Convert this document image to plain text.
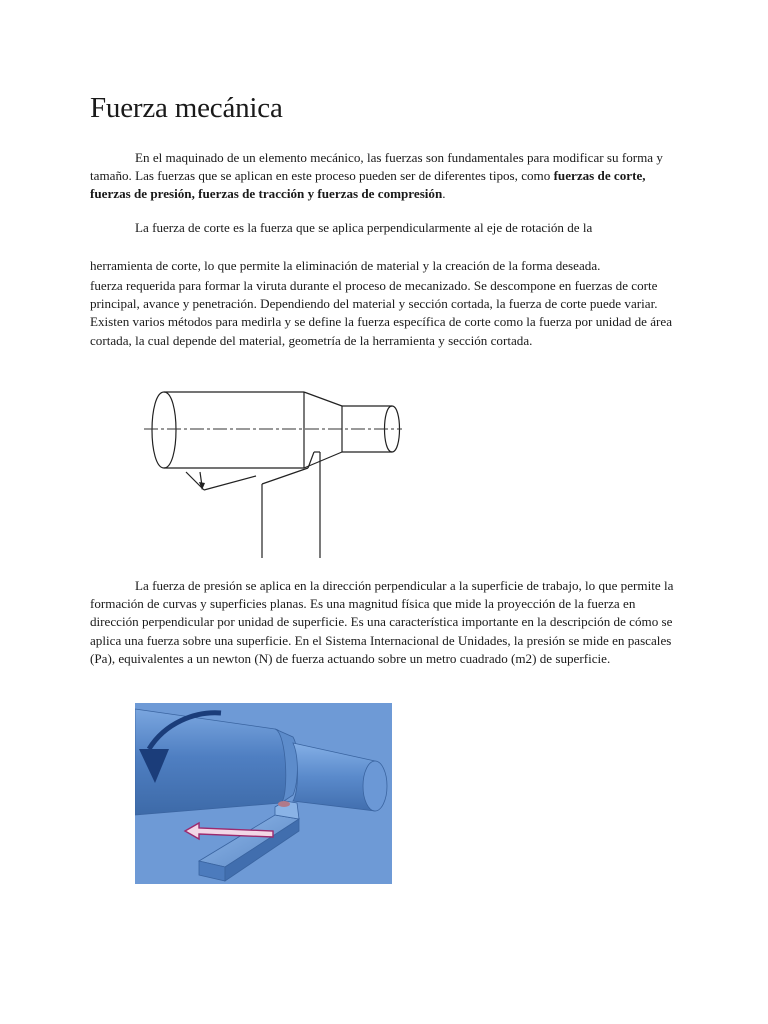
Fuerza mecánica

En el maquinado de un elemento mecánico, las fuerzas son fundamentales para modificar su forma y tamaño. Las fuerzas que se aplican en este proceso pueden ser de diferentes tipos, como fuerzas de corte, fuerzas de presión, fuerzas de tracción y fuerzas de compresión.

La fuerza de corte es la fuerza que se aplica perpendicularmente al eje de rotación de la

herramienta de corte, lo que permite la eliminación de material y la creación de la forma deseada.

fuerza requerida para formar la viruta durante el proceso de mecanizado. Se descompone en fuerzas de corte principal, avance y penetración. Dependiendo del material y sección cortada, la fuerza de corte puede variar. Existen varios métodos para medirla y se define la fuerza específica de corte como la fuerza por unidad de área cortada, la cual depende del material, geometría de la herramienta y sección cortada.

La fuerza de presión se aplica en la dirección perpendicular a la superficie de trabajo, lo que permite la formación de curvas y superficies planas. Es una magnitud física que mide la proyección de la fuerza en dirección perpendicular por unidad de superficie. Es una característica importante en la descripción de cómo se aplica una fuerza sobre una superficie. En el Sistema Internacional de Unidades, la presión se mide en pascales (Pa), equivalentes a un newton (N) de fuerza actuando sobre un metro cuadrado (m2) de superficie.
